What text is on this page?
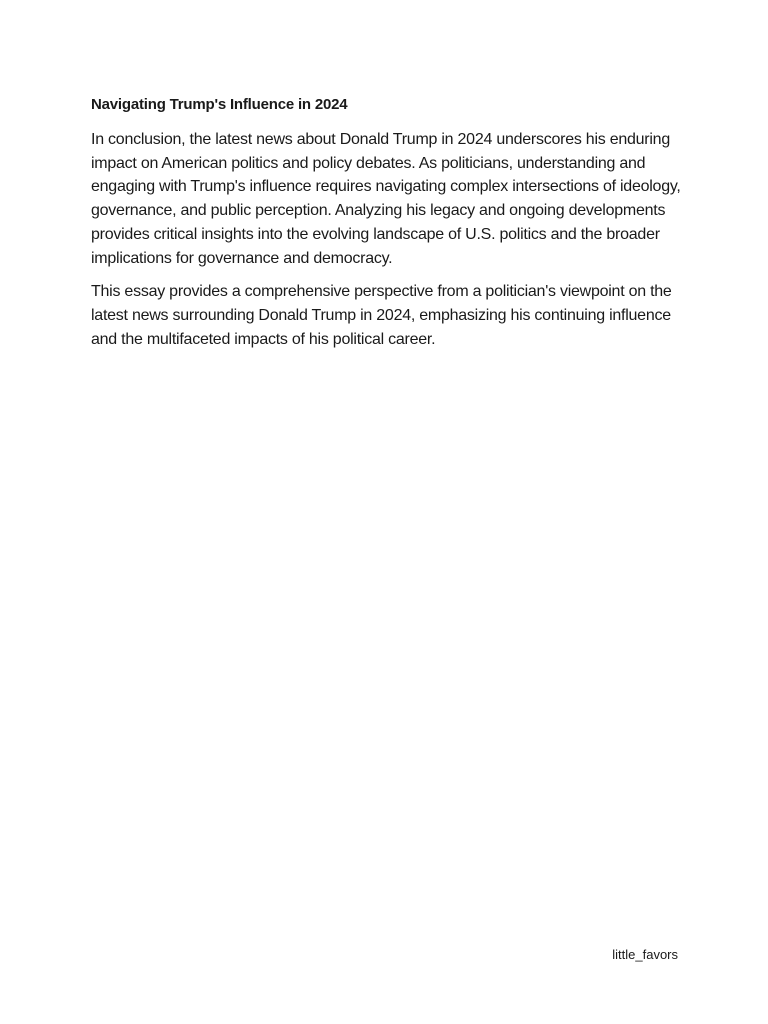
Navigating Trump's Influence in 2024

In conclusion, the latest news about Donald Trump in 2024 underscores his enduring impact on American politics and policy debates. As politicians, understanding and engaging with Trump's influence requires navigating complex intersections of ideology, governance, and public perception. Analyzing his legacy and ongoing developments provides critical insights into the evolving landscape of U.S. politics and the broader implications for governance and democracy.

This essay provides a comprehensive perspective from a politician's viewpoint on the latest news surrounding Donald Trump in 2024, emphasizing his continuing influence and the multifaceted impacts of his political career.

little_favors
